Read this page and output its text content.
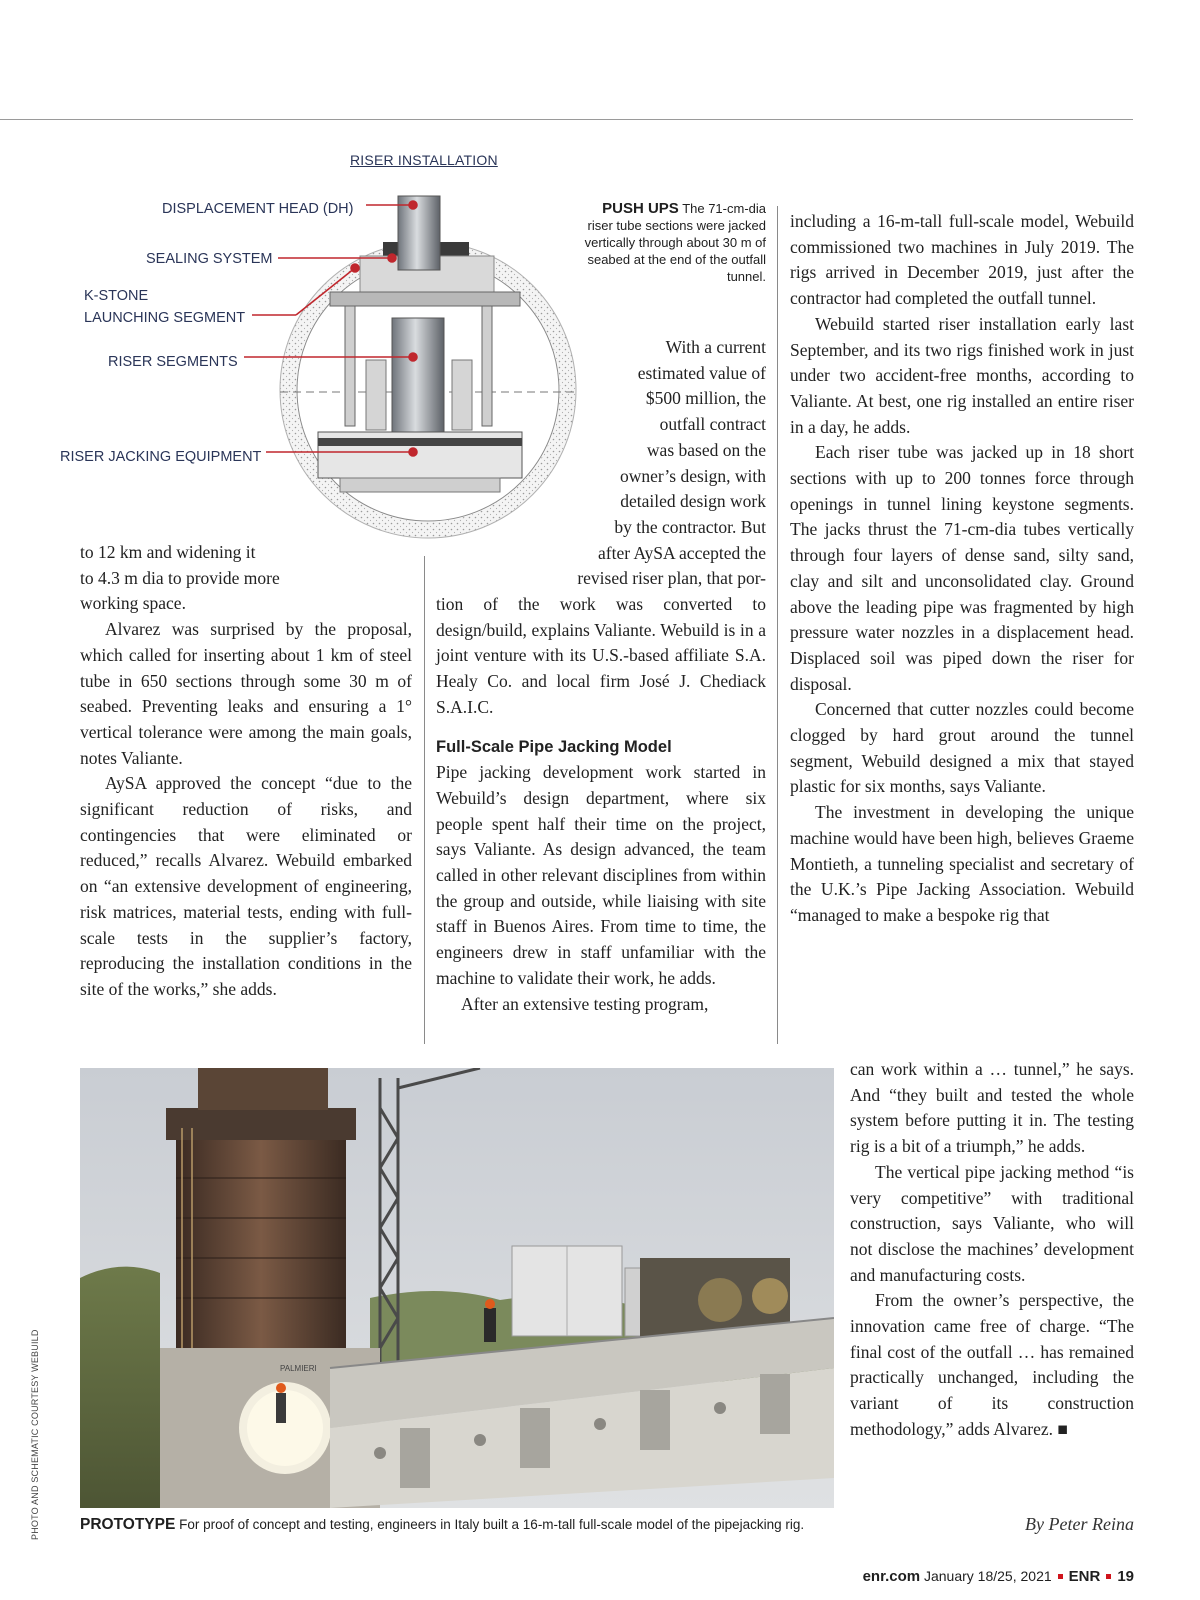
RISER INSTALLATION
DISPLACEMENT HEAD (DH)
SEALING SYSTEM
K-STONE
LAUNCHING SEGMENT
RISER SEGMENTS
RISER JACKING EQUIPMENT
PUSH UPS The 71-cm-dia riser tube sections were jacked vertically through about 30 m of seabed at the end of the outfall tunnel.

to 12 km and widening it

to 4.3 m dia to provide more

working space.

Alvarez was surprised by the proposal, which called for inserting about 1 km of steel tube in 650 sections through some 30 m of seabed. Preventing leaks and ensuring a 1° vertical tolerance were among the main goals, notes Valiante.

AySA approved the concept “due to the significant reduction of risks, and contingencies that were eliminated or reduced,” recalls Alvarez. Webuild embarked on “an extensive development of engineering, risk matrices, material tests, ending with full-scale tests in the supplier’s factory, reproducing the installation conditions in the site of the works,” she adds.

With a current

estimated value of

$500 million, the

outfall contract

was based on the

owner’s design, with

detailed design work

by the contractor. But

after AySA accepted the

revised riser plan, that por-

tion of the work was converted to design/build, explains Valiante. Webuild is in a joint venture with its U.S.-based affiliate S.A. Healy Co. and local firm José J. Chediack S.A.I.C.

Full-Scale Pipe Jacking Model

Pipe jacking development work started in Webuild’s design department, where six people spent half their time on the project, says Valiante. As design advanced, the team called in other relevant disciplines from within the group and outside, while liaising with site staff in Buenos Aires. From time to time, the engineers drew in staff unfamiliar with the machine to validate their work, he adds.

After an extensive testing program,

including a 16-m-tall full-scale model, Webuild commissioned two machines in July 2019. The rigs arrived in December 2019, just after the contractor had completed the outfall tunnel.

Webuild started riser installation early last September, and its two rigs finished work in just under two accident-free months, according to Valiante. At best, one rig installed an entire riser in a day, he adds.

Each riser tube was jacked up in 18 short sections with up to 200 tonnes force through openings in tunnel lining keystone segments. The jacks thrust the 71-cm-dia tubes vertically through four layers of dense sand, silty sand, clay and silt and unconsolidated clay. Ground above the leading pipe was fragmented by high pressure water nozzles in a displacement head. Displaced soil was piped down the riser for disposal.

Concerned that cutter nozzles could become clogged by hard grout around the tunnel segment, Webuild designed a mix that stayed plastic for six months, says Valiante.

The investment in developing the unique machine would have been high, believes Graeme Montieth, a tunneling specialist and secretary of the U.K.’s Pipe Jacking Association. Webuild “managed to make a bespoke rig that

can work within a … tunnel,” he says. And “they built and tested the whole system before putting it in. The testing rig is a bit of a triumph,” he adds.

The vertical pipe jacking method “is very competitive” with traditional construction, says Valiante, who will not disclose the machines’ development and manufacturing costs.

From the owner’s perspective, the innovation came free of charge. “The final cost of the outfall … has remained practically unchanged, including the variant of its construction methodology,” adds Alvarez. ■

PALMIERI
PROTOTYPE For proof of concept and testing, engineers in Italy built a 16-m-tall full-scale model of the pipejacking rig.
PHOTO AND SCHEMATIC COURTESY WEBUILD	By Peter Reina
enr.com January 18/25, 2021 ENR 19
